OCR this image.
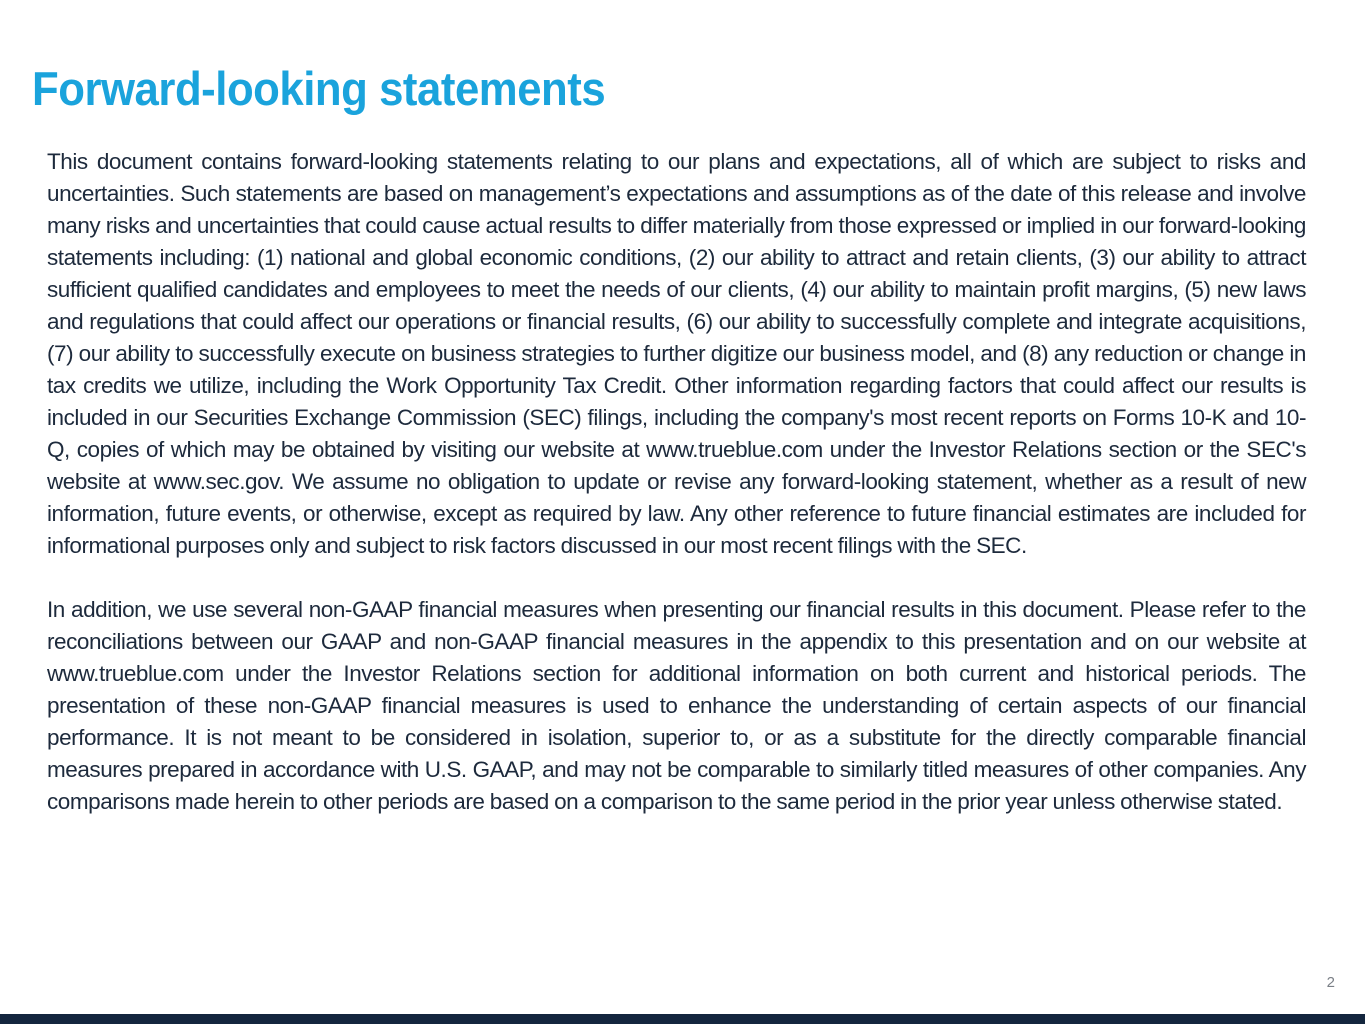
Forward-looking statements

This document contains forward-looking statements relating to our plans and expectations, all of which are subject to risks and uncertainties. Such statements are based on management’s expectations and assumptions as of the date of this release and involve many risks and uncertainties that could cause actual results to differ materially from those expressed or implied in our forward-looking statements including: (1) national and global economic conditions, (2) our ability to attract and retain clients, (3) our ability to attract sufficient qualified candidates and employees to meet the needs of our clients, (4) our ability to maintain profit margins, (5) new laws and regulations that could affect our operations or financial results, (6) our ability to successfully complete and integrate acquisitions, (7) our ability to successfully execute on business strategies to further digitize our business model, and (8) any reduction or change in tax credits we utilize, including the Work Opportunity Tax Credit. Other information regarding factors that could affect our results is included in our Securities Exchange Commission (SEC) filings, including the company's most recent reports on Forms 10-K and 10-Q, copies of which may be obtained by visiting our website at www.trueblue.com under the Investor Relations section or the SEC's website at www.sec.gov. We assume no obligation to update or revise any forward-looking statement, whether as a result of new information, future events, or otherwise, except as required by law. Any other reference to future financial estimates are included for informational purposes only and subject to risk factors discussed in our most recent filings with the SEC.

In addition, we use several non-GAAP financial measures when presenting our financial results in this document. Please refer to the reconciliations between our GAAP and non-GAAP financial measures in the appendix to this presentation and on our website at www.trueblue.com under the Investor Relations section for additional information on both current and historical periods. The presentation of these non-GAAP financial measures is used to enhance the understanding of certain aspects of our financial performance. It is not meant to be considered in isolation, superior to, or as a substitute for the directly comparable financial measures prepared in accordance with U.S. GAAP, and may not be comparable to similarly titled measures of other companies. Any comparisons made herein to other periods are based on a comparison to the same period in the prior year unless otherwise stated.

2
